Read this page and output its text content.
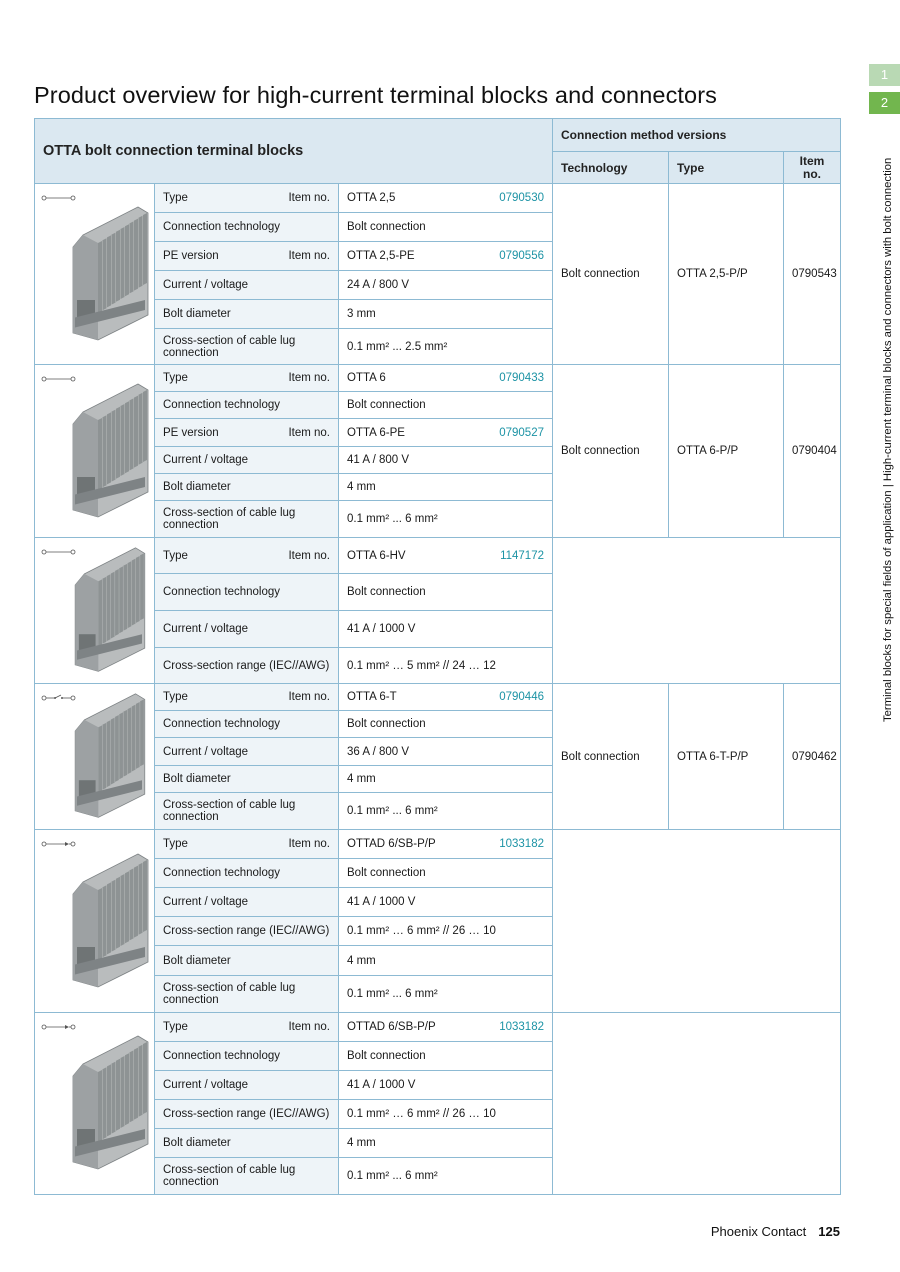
Product overview for high-current terminal blocks and connectors
1
2
Terminal blocks for special fields of application | High-current terminal blocks and connectors with bolt connection
OTTA bolt connection terminal blocks			Connection method versions		
			Technology	Type	Item no.

Type Item no.	OTTA 2,5 0790530	Bolt connection	OTTA 2,5-P/P	0790543
	Connection technology	Bolt connection			

	PE version Item no.	OTTA 2,5-PE 0790556			

	Current / voltage	24 A / 800 V			
	Bolt diameter	3 mm			
	Cross-section of cable lug connection	0.1 mm² ... 2.5 mm²			

Type Item no.	OTTA 6 0790433	Bolt connection	OTTA 6-P/P	0790404
	Connection technology	Bolt connection			

	PE version Item no.	OTTA 6-PE 0790527			

	Current / voltage	41 A / 800 V			
	Bolt diameter	4 mm			
	Cross-section of cable lug connection	0.1 mm² ... 6 mm²			

Type Item no.	OTTA 6-HV 1147172			

	Connection technology	Bolt connection			
	Current / voltage	41 A / 1000 V			
	Cross-section range (IEC//AWG)	0.1 mm² … 5 mm² // 24 … 12			

Type Item no.	OTTA 6-T 0790446	Bolt connection	OTTA 6-T-P/P	0790462
	Connection technology	Bolt connection			
	Current / voltage	36 A / 800 V			
	Bolt diameter	4 mm			
	Cross-section of cable lug connection	0.1 mm² ... 6 mm²			

Type Item no.	OTTAD 6/SB-P/P 1033182			

	Connection technology	Bolt connection			
	Current / voltage	41 A / 1000 V			
	Cross-section range (IEC//AWG)	0.1 mm² … 6 mm² // 26 … 10			
	Bolt diameter	4 mm			
	Cross-section of cable lug connection	0.1 mm² ... 6 mm²			

Type Item no.	OTTAD 6/SB-P/P 1033182			

	Connection technology	Bolt connection			
	Current / voltage	41 A / 1000 V			
	Cross-section range (IEC//AWG)	0.1 mm² … 6 mm² // 26 … 10			
	Bolt diameter	4 mm			
	Cross-section of cable lug connection	0.1 mm² ... 6 mm²			
Phoenix Contact 125
